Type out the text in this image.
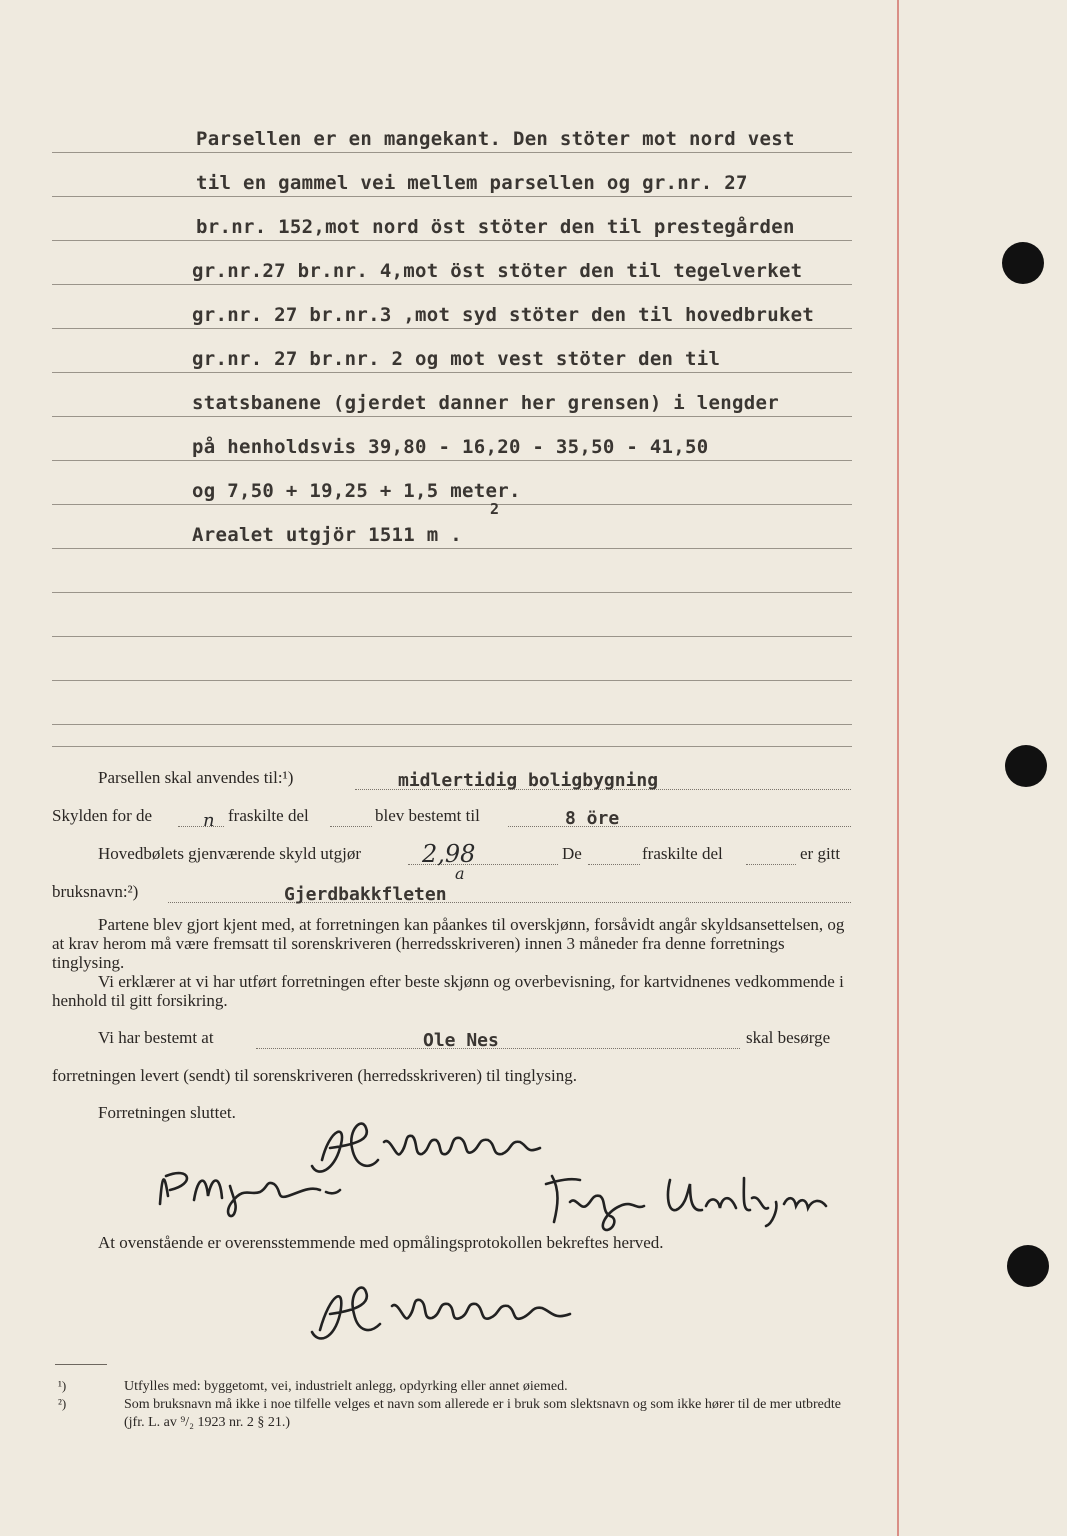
Parsellen er en mangekant. Den stöter mot nord vest
til en gammel vei mellem parsellen og gr.nr. 27
br.nr. 152,mot nord öst stöter den til prestegården
gr.nr.27 br.nr. 4,mot öst stöter den til tegelverket
gr.nr. 27 br.nr.3 ,mot syd stöter den til hovedbruket
gr.nr. 27 br.nr. 2 og mot vest stöter den til
statsbanene (gjerdet danner her grensen) i lengder
på henholdsvis 39,80 - 16,20 - 35,50 - 41,50
og 7,50 + 19,25 + 1,5 meter.
2
Arealet utgjör 1511 m .
Parsellen skal anvendes til:¹)	midlertidig boligbygning
Skylden for de	n fraskilte del	blev bestemt til	8 öre
Hovedbølets gjenværende skyld utgjør	2,98	De	fraskilte del	er gitt
bruksnavn:²)	Gjerdbakkfleten
a
Partene blev gjort kjent med, at forretningen kan påankes til overskjønn, forsåvidt angår skyldsansettelsen, og at krav herom må være fremsatt til sorenskriveren (herredsskriveren) innen 3 måneder fra denne forretnings tinglysing.
Vi erklærer at vi har utført forretningen efter beste skjønn og overbevisning, for kartvidnenes vedkommende i henhold til gitt forsikring.
Vi har bestemt at	Ole Nes	skal besørge
forretningen levert (sendt) til sorenskriveren (herredsskriveren) til tinglysing.
Forretningen sluttet.
At ovenstående er overensstemmende med opmålingsprotokollen bekreftes herved.
¹)	Utfylles med: byggetomt, vei, industrielt anlegg, opdyrking eller annet øiemed.
²)	Som bruksnavn må ikke i noe tilfelle velges et navn som allerede er i bruk som slektsnavn og som ikke hører til de mer utbredte (jfr. L. av ⁹/₂ 1923 nr. 2 § 21.)
